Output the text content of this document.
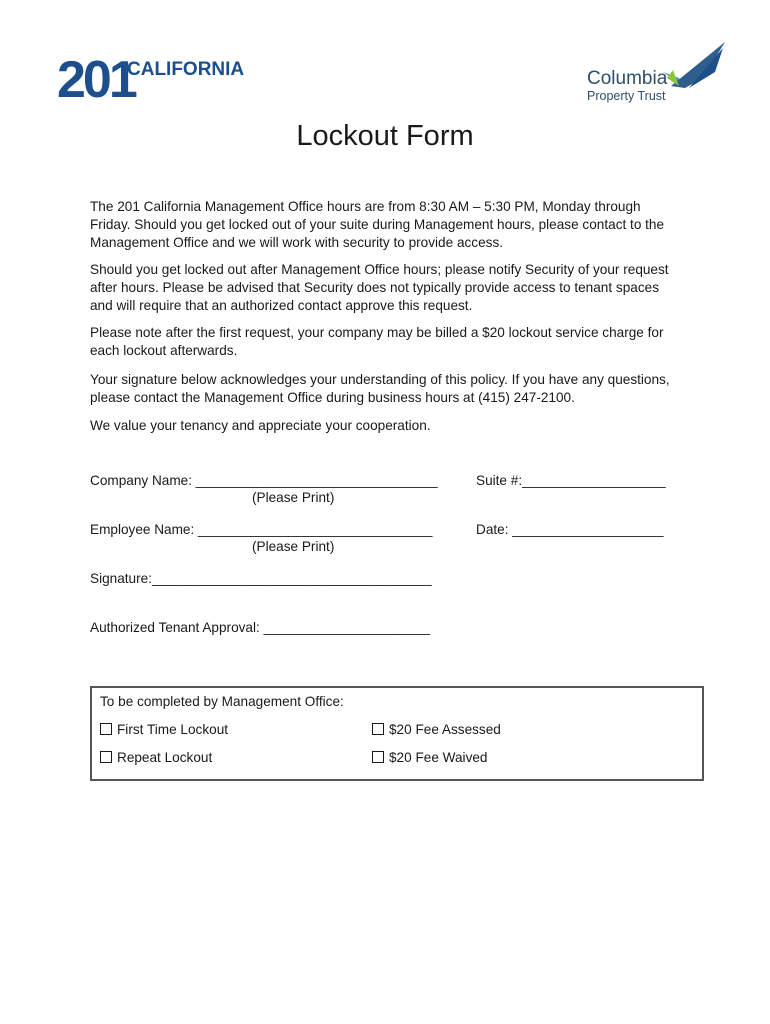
201
CALIFORNIA	Columbia
Property Trust
Lockout Form
The 201 California Management Office hours are from 8:30 AM – 5:30 PM, Monday through Friday. Should you get locked out of your suite during Management hours, please contact to the Management Office and we will work with security to provide access.
Should you get locked out after Management Office hours; please notify Security of your request after hours. Please be advised that Security does not typically provide access to tenant spaces and will require that an authorized contact approve this request.
Please note after the first request, your company may be billed a $20 lockout service charge for each lockout afterwards.
Your signature below acknowledges your understanding of this policy. If you have any questions, please contact the Management Office during business hours at (415) 247-2100.
We value your tenancy and appreciate your cooperation.
Company Name: ________________________________
(Please Print)
Suite #:___________________
Employee Name: _______________________________
(Please Print)
Date: ____________________
Signature:_____________________________________
Authorized Tenant Approval: ______________________
To be completed by Management Office:
First Time Lockout	$20 Fee Assessed
Repeat Lockout	$20 Fee Waived
